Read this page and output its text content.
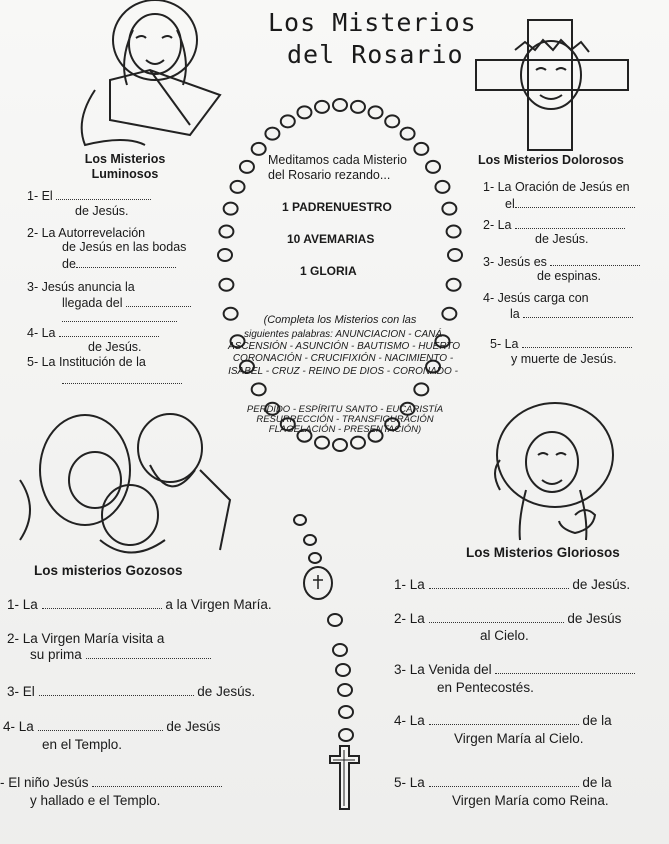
Los Misterios
del Rosario
Meditamos cada Misterio
del Rosario rezando...
1 PADRENUESTRO
10 AVEMARIAS
1 GLORIA
(Completa los Misterios con las
siguientes palabras: ANUNCIACION - CANÁ
ASCENSIÓN - ASUNCIÓN - BAUTISMO - HUERTO
CORONACIÓN - CRUCIFIXIÓN - NACIMIENTO -
ISABEL - CRUZ - REINO DE DIOS - CORONADO -
PERDIDO - ESPÍRITU SANTO - EUCARISTÍA
RESURRECCIÓN - TRANSFIGURACIÓN
FLAGELACIÓN - PRESENTACIÓN)
Los Misterios
Luminosos
1- El
de Jesús.
2- La Autorrevelación
de Jesús en las bodas
de
3- Jesús anuncia la
llegada del
4- La
de Jesús.
5- La Institución de la
Los Misterios Dolorosos
1- La Oración de Jesús en
el
2- La
de Jesús.
3- Jesús es
de espinas.
4- Jesús carga con
la
5- La
y muerte de Jesús.
Los Misterios Gloriosos
1- La	de Jesús.
2- La	de Jesús
al Cielo.
3- La Venida del
en Pentecostés.
4- La	de la
Virgen María al Cielo.
5- La	de la
Virgen María como Reina.
Los misterios Gozosos
1- La	a la Virgen María.
2- La Virgen María visita a
su prima
3- El	de Jesús.
4- La	de Jesús
en el Templo.
- El niño Jesús
y hallado e el Templo.
